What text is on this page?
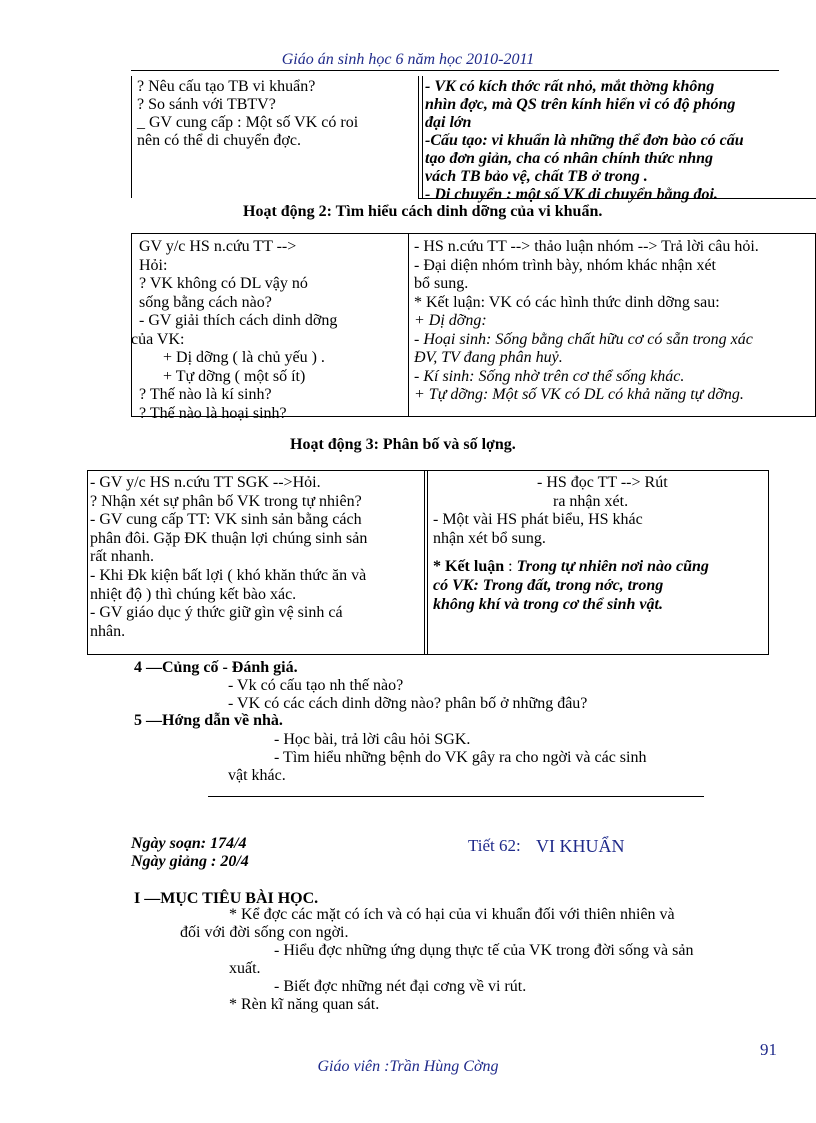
Giáo án sinh học 6 năm học 2010-2011
? Nêu cấu tạo TB vi khuẩn?
? So sánh với TBTV?
_ GV cung cấp : Một số VK có roi
nên có thể di chuyển đợc.
- VK có kích thớc rất nhỏ, mắt thờng không
nhìn đợc, mà QS trên kính hiển vi có độ phóng
đại lớn
-Cấu tạo: vi khuẩn là những thể đơn bào có cấu
tạo đơn giản, cha có nhân chính thức nhng
vách TB bảo vệ, chất TB ở trong .
- Di chuyển : một số VK di chuyển bằng đoi.
Hoạt động 2: Tìm hiểu cách dinh dỡng của vi khuẩn.
GV y/c HS n.cứu TT -->
Hỏi:
? VK không có DL vậy nó
sống bằng cách nào?
- GV giải thích cách dinh dỡng
của VK:
+ Dị dỡng ( là chủ yếu ) .
+ Tự dỡng ( một số ít)
? Thế nào là kí sinh?
? Thế nào là hoại sinh?
- HS n.cứu TT --> thảo luận nhóm --> Trả lời câu hỏi.
- Đại diện nhóm trình bày, nhóm khác nhận xét
bổ sung.
* Kết luận: VK có các hình thức dinh dỡng sau:
+ Dị dỡng:
- Hoại sinh: Sống bằng chất hữu cơ có sẵn trong xác
ĐV, TV đang phân huỷ.
- Kí sinh: Sống nhờ trên cơ thể sống khác.
+ Tự dỡng: Một số VK có DL có khả năng tự dỡng.
Hoạt động 3: Phân bố và số lợng.
- GV y/c HS n.cứu TT SGK -->Hỏi.
? Nhận xét sự phân bố VK trong tự nhiên?
- GV cung cấp TT: VK sinh sản bằng cách
phân đôi. Gặp ĐK thuận lợi chúng sinh sản
rất nhanh.
- Khi Đk kiện bất lợi ( khó khăn thức ăn và
nhiệt độ ) thì chúng kết bào xác.
- GV giáo dục ý thức giữ gìn vệ sinh cá
nhân.
- HS đọc TT --> Rút
ra nhận xét.
- Một vài HS phát biểu, HS khác
nhận xét bổ sung.
* Kết luận : Trong tự nhiên nơi nào cũng
có VK: Trong đất, trong nớc, trong
không khí và trong cơ thể sinh vật.
4 —Củng cố - Đánh giá.
- Vk có cấu tạo nh thế nào?
- VK có các cách dinh dỡng nào? phân bố ở những đâu?
5 —Hớng dẫn về nhà.
- Học bài, trả lời câu hỏi SGK.
- Tìm hiểu những bệnh do VK gây ra cho ngời và các sinh
vật khác.
Ngày soạn: 174/4
Ngày giảng : 20/4
Tiết 62: VI KHUẨN
I —MỤC TIÊU BÀI HỌC.
* Kể đợc các mặt có ích và có hại của vi khuẩn đối với thiên nhiên và
đối với đời sống con ngời.
- Hiểu đợc những ứng dụng thực tế của VK trong đời sống và sản
xuất.
- Biết đợc những nét đại cơng về vi rút.
* Rèn kĩ năng quan sát.
91
Giáo viên :Trần Hùng Cờng
